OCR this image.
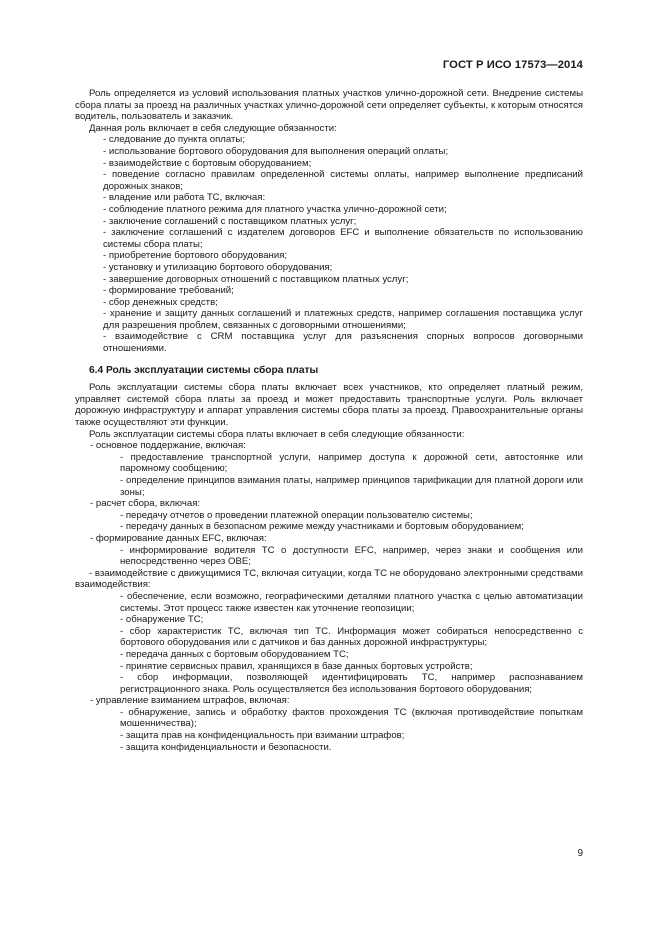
ГОСТ Р ИСО 17573—2014

Роль определяется из условий использования платных участков улично-дорожной сети. Внедрение системы сбора платы за проезд на различных участках улично-дорожной сети определяет субъекты, к которым относятся водитель, пользователь и заказчик.

Данная роль включает в себя следующие обязанности:

- следование до пункта оплаты;

- использование бортового оборудования для выполнения операций оплаты;

- взаимодействие с бортовым оборудованием;

- поведение согласно правилам определенной системы оплаты, например выполнение предписаний дорожных знаков;

- владение или работа ТС, включая:

- соблюдение платного режима для платного участка улично-дорожной сети;

- заключение соглашений с поставщиком платных услуг;

- заключение соглашений с издателем договоров EFC и выполнение обязательств по использованию системы сбора платы;

- приобретение бортового оборудования;

- установку и утилизацию бортового оборудования;

- завершение договорных отношений с поставщиком платных услуг;

- формирование требований;

- сбор денежных средств;

- хранение и защиту данных соглашений и платежных средств, например соглашения поставщика услуг для разрешения проблем, связанных с договорными отношениями;

- взаимодействие с CRM поставщика услуг для разъяснения спорных вопросов договорными отношениями.

6.4 Роль эксплуатации системы сбора платы

Роль эксплуатации системы сбора платы включает всех участников, кто определяет платный режим, управляет системой сбора платы за проезд и может предоставить транспортные услуги. Роль включает дорожную инфраструктуру и аппарат управления системы сбора платы за проезд. Правоохранительные органы также осуществляют эти функции.

Роль эксплуатации системы сбора платы включает в себя следующие обязанности:

- основное поддержание, включая:

- предоставление транспортной услуги, например доступа к дорожной сети, автостоянке или паромному сообщению;

- определение принципов взимания платы, например принципов тарификации для платной дороги или зоны;

- расчет сбора, включая:

- передачу отчетов о проведении платежной операции пользователю системы;

- передачу данных в безопасном режиме между участниками и бортовым оборудованием;

- формирование данных EFC, включая:

- информирование водителя ТС о доступности EFC, например, через знаки и сообщения или непосредственно через OBE;

- взаимодействие с движущимися ТС, включая ситуации, когда ТС не оборудовано электронными средствами взаимодействия:

- обеспечение, если возможно, географическими деталями платного участка с целью автоматизации системы. Этот процесс также известен как уточнение геопозиции;

- обнаружение ТС;

- сбор характеристик ТС, включая тип ТС. Информация может собираться непосредственно с бортового оборудования или с датчиков и баз данных дорожной инфраструктуры;

- передача данных с бортовым оборудованием ТС;

- принятие сервисных правил, хранящихся в базе данных бортовых устройств;

- сбор информации, позволяющей идентифицировать ТС, например распознаванием регистрационного знака. Роль осуществляется без использования бортового оборудования;

- управление взиманием штрафов, включая:

- обнаружение, запись и обработку фактов прохождения ТС (включая противодействие попыткам мошенничества);

- защита прав на конфиденциальность при взимании штрафов;

- защита конфиденциальности и безопасности.

9
